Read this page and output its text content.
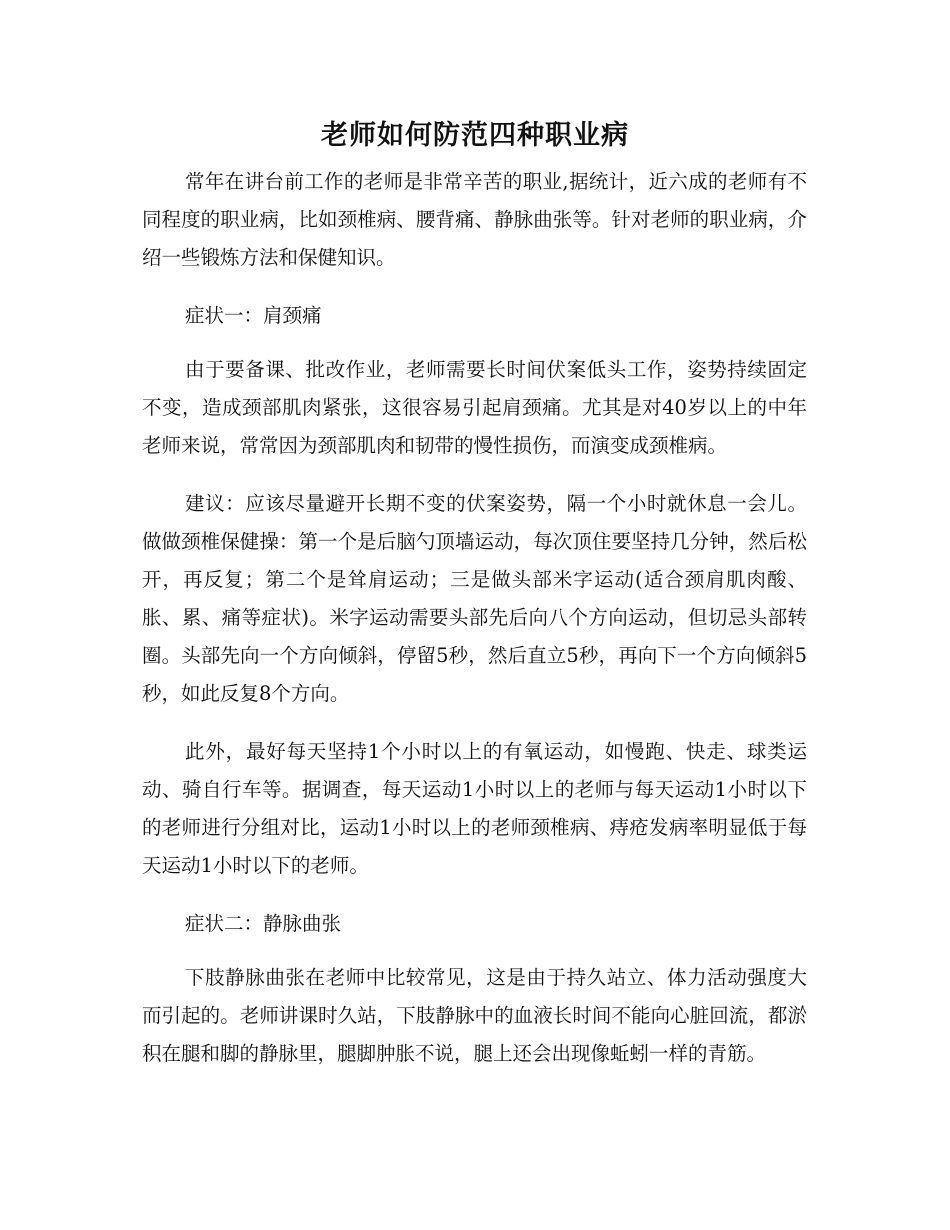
老师如何防范四种职业病

常年在讲台前工作的老师是非常辛苦的职业,据统计，近六成的老师有不同程度的职业病，比如颈椎病、腰背痛、静脉曲张等。针对老师的职业病，介绍一些锻炼方法和保健知识。

症状一：肩颈痛

由于要备课、批改作业，老师需要长时间伏案低头工作，姿势持续固定不变，造成颈部肌肉紧张，这很容易引起肩颈痛。尤其是对40岁以上的中年老师来说，常常因为颈部肌肉和韧带的慢性损伤，而演变成颈椎病。

建议：应该尽量避开长期不变的伏案姿势，隔一个小时就休息一会儿。做做颈椎保健操：第一个是后脑勺顶墙运动，每次顶住要坚持几分钟，然后松开，再反复；第二个是耸肩运动；三是做头部米字运动(适合颈肩肌肉酸、胀、累、痛等症状)。米字运动需要头部先后向八个方向运动，但切忌头部转圈。头部先向一个方向倾斜，停留5秒，然后直立5秒，再向下一个方向倾斜5秒，如此反复8个方向。

此外，最好每天坚持1个小时以上的有氧运动，如慢跑、快走、球类运动、骑自行车等。据调查，每天运动1小时以上的老师与每天运动1小时以下的老师进行分组对比，运动1小时以上的老师颈椎病、痔疮发病率明显低于每天运动1小时以下的老师。

症状二：静脉曲张

下肢静脉曲张在老师中比较常见，这是由于持久站立、体力活动强度大而引起的。老师讲课时久站，下肢静脉中的血液长时间不能向心脏回流，都淤积在腿和脚的静脉里，腿脚肿胀不说，腿上还会出现像蚯蚓一样的青筋。
